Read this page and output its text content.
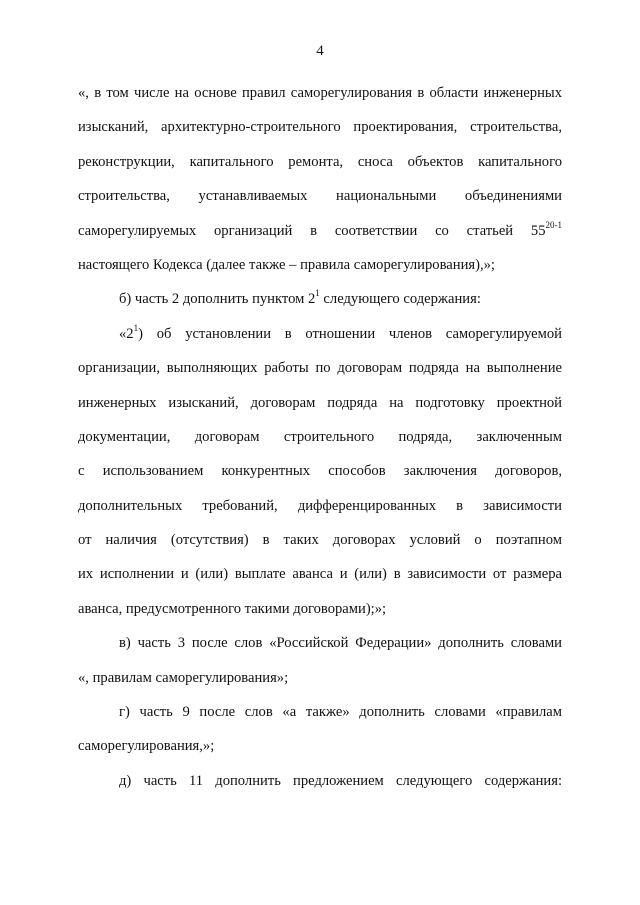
4
«, в том числе на основе правил саморегулирования в области инженерных
изысканий, архитектурно-строительного проектирования, строительства,
реконструкции, капитального ремонта, сноса объектов капитального
строительства, устанавливаемых национальными объединениями
саморегулируемых организаций в соответствии со статьей 55$^{20-1}$
настоящего Кодекса (далее также – правила саморегулирования),»;
б) часть 2 дополнить пунктом $2^1$ следующего содержания:
«$2^1$) об установлении в отношении членов саморегулируемой
организации, выполняющих работы по договорам подряда на выполнение
инженерных изысканий, договорам подряда на подготовку проектной
документации, договорам строительного подряда, заключенным
с использованием конкурентных способов заключения договоров,
дополнительных требований, дифференцированных в зависимости
от наличия (отсутствия) в таких договорах условий о поэтапном
их исполнении и (или) выплате аванса и (или) в зависимости от размера
аванса, предусмотренного такими договорами);»;
в) часть 3 после слов «Российской Федерации» дополнить словами
«, правилам саморегулирования»;
г) часть 9 после слов «а также» дополнить словами «правилам
саморегулирования,»;
д) часть 11 дополнить предложением следующего содержания:
